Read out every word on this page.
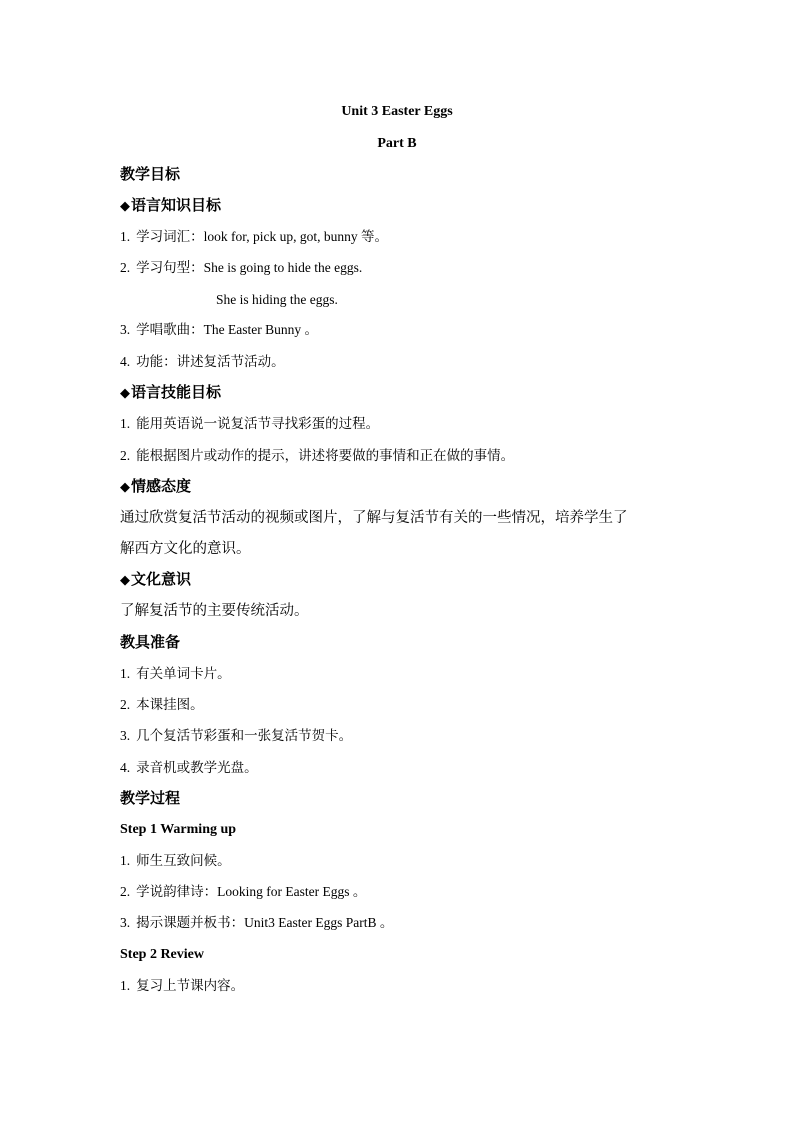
Unit 3 Easter Eggs
Part B
教学目标
◆语言知识目标
1. 学习词汇：look for, pick up, got, bunny 等。
2. 学习句型：She is going to hide the eggs.
She is hiding the eggs.
3. 学唱歌曲：The Easter Bunny 。
4. 功能：讲述复活节活动。
◆语言技能目标
1. 能用英语说一说复活节寻找彩蛋的过程。
2. 能根据图片或动作的提示，讲述将要做的事情和正在做的事情。
◆情感态度
通过欣赏复活节活动的视频或图片，了解与复活节有关的一些情况，培养学生了
解西方文化的意识。
◆文化意识
了解复活节的主要传统活动。
教具准备
1. 有关单词卡片。
2. 本课挂图。
3. 几个复活节彩蛋和一张复活节贺卡。
4. 录音机或教学光盘。
教学过程
Step 1 Warming up
1. 师生互致问候。
2. 学说韵律诗：Looking for Easter Eggs 。
3. 揭示课题并板书：Unit3 Easter Eggs PartB 。
Step 2 Review
1. 复习上节课内容。
